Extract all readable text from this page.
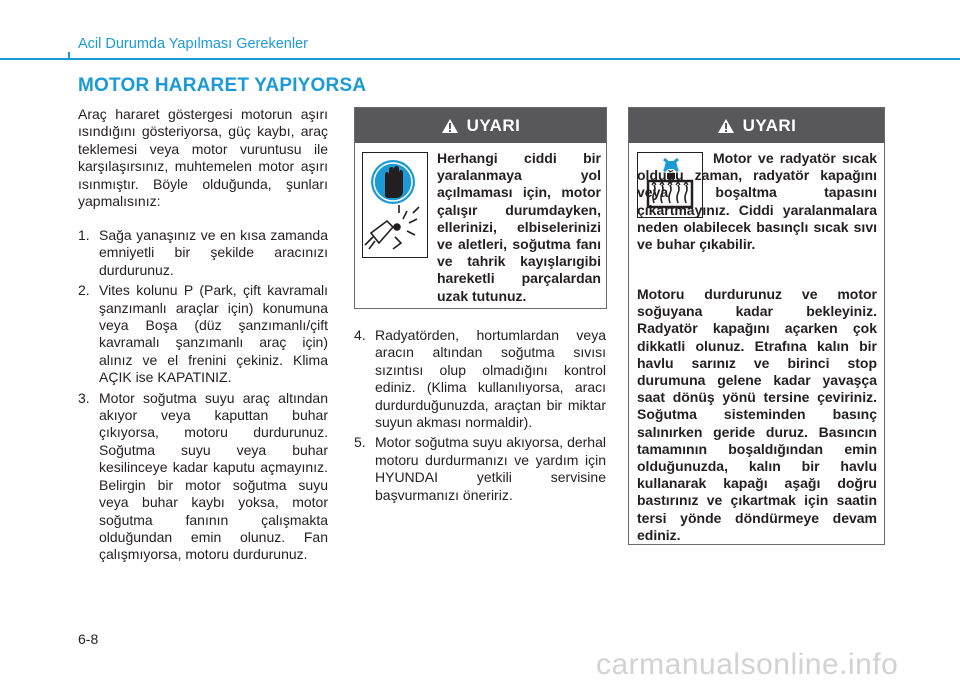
Acil Durumda Yapılması Gerekenler
MOTOR HARARET YAPIYORSA
Araç hararet göstergesi motorun aşırı ısındığını gösteriyorsa, güç kaybı, araç teklemesi veya motor vuruntusu ile karşılaşırsınız, muhtemelen motor aşırı ısınmıştır. Böyle olduğunda, şunları yapmalısınız:
1. Sağa yanaşınız ve en kısa zamanda emniyetli bir şekilde aracınızı durdurunuz.
2. Vites kolunu P (Park, çift kavramalı şanzımanlı araçlar için) konumuna veya Boşa (düz şanzımanlı/çift kavramalı şanzımanlı araç için) alınız ve el frenini çekiniz. Klima AÇIK ise KAPATINIZ.
3. Motor soğutma suyu araç altından akıyor veya kaputtan buhar çıkıyorsa, motoru durdurunuz. Soğutma suyu veya buhar kesilinceye kadar kaputu açmayınız. Belirgin bir motor soğutma suyu veya buhar kaybı yoksa, motor soğutma fanının çalışmakta olduğundan emin olunuz. Fan çalışmıyorsa, motoru durdurunuz.
UYARI
Herhangi ciddi bir yaralanmaya yol açılmaması için, motor çalışır durumdayken, ellerinizi, elbiselerinizi ve aletleri, soğutma fanı ve tahrik kayışlarıgibi hareketli parçalardan uzak tutunuz.
4. Radyatörden, hortumlardan veya aracın altından soğutma sıvısı sızıntısı olup olmadığını kontrol ediniz. (Klima kullanılıyorsa, aracı durdurduğunuzda, araçtan bir miktar suyun akması normaldir).
5. Motor soğutma suyu akıyorsa, derhal motoru durdurmanızı ve yardım için HYUNDAI yetkili servisine başvurmanızı öneririz.
UYARI
Motor ve radyatör sıcak olduğu zaman, radyatör kapağını veya boşaltma tapasını çıkartmayınız. Ciddi yaralanmalara neden olabilecek basınçlı sıcak sıvı ve buhar çıkabilir.
Motoru durdurunuz ve motor soğuyana kadar bekleyiniz. Radyatör kapağını açarken çok dikkatli olunuz. Etrafına kalın bir havlu sarınız ve birinci stop durumuna gelene kadar yavaşça saat dönüş yönü tersine çeviriniz. Soğutma sisteminden basınç salınırken geride duruz. Basıncın tamamının boşaldığından emin olduğunuzda, kalın bir havlu kullanarak kapağı aşağı doğru bastırınız ve çıkartmak için saatin tersi yönde döndürmeye devam ediniz.
6-8
carmanualsonline.info
